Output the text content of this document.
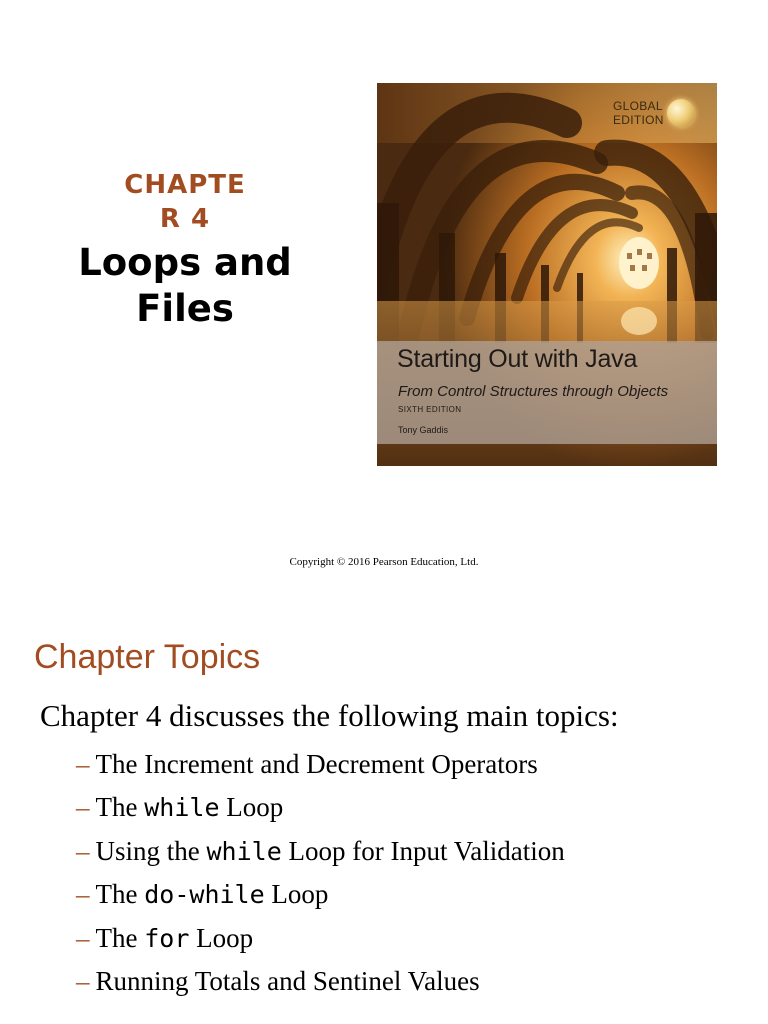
CHAPTE
R 4
Loops and
Files
GLOBAL
EDITION
Starting Out with Java
From Control Structures through Objects
SIXTH EDITION
Tony Gaddis
Copyright © 2016 Pearson Education, Ltd.
Chapter Topics
Chapter 4 discusses the following main topics:
– The Increment and Decrement Operators
– The while Loop
– Using the while Loop for Input Validation
– The do-while Loop
– The for Loop
– Running Totals and Sentinel Values
